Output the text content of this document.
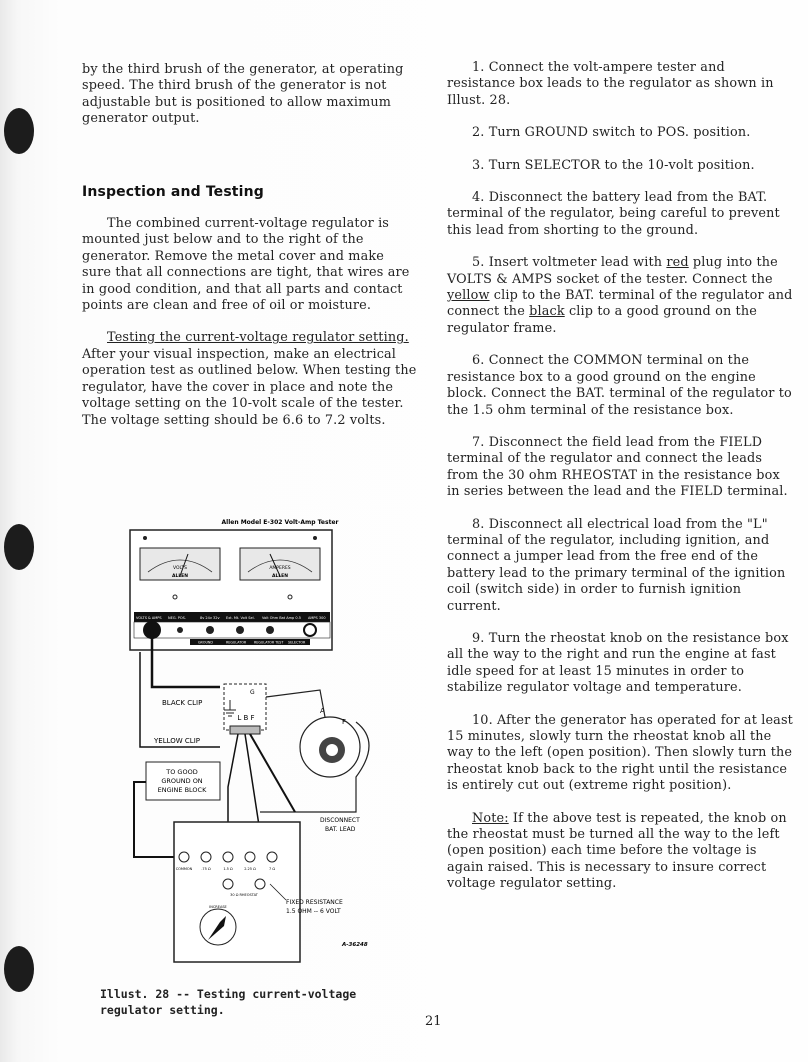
by the third brush of the generator, at operating speed. The third brush of the generator is not adjustable but is positioned to allow maximum generator output.

Inspection and Testing

The combined current-voltage regulator is mounted just below and to the right of the generator. Remove the metal cover and make sure that all connections are tight, that wires are in good condition, and that all parts and contact points are clean and free of oil or moisture.

Testing the current-voltage regulator setting. After your visual inspection, make an electrical operation test as outlined below. When testing the regulator, have the cover in place and note the voltage setting on the 10-volt scale of the tester. The voltage setting should be 6.6 to 7.2 volts.

Allen Model E-302 Volt-Amp Tester
VOLTS
ALLEN
AMPERES
ALLEN
VOLTS & AMPS NEG. POS.	8v 24v 32v Ext. Mt. Volt Sel. Volt Ohm Bat Amp 0.5 AMPS 300
GROUND	REGULATOR REGULATOR TEST SELECTOR
BLACK CLIP
YELLOW CLIP
L B F
G
A
F
TO GOOD
GROUND ON
ENGINE BLOCK
DISCONNECT
BAT. LEAD
COMMON	.75 Ω	1.5 Ω	2.25 Ω	7 Ω
30 Ω RHEOSTAT
INCREASE
FIXED RESISTANCE
1.5 OHM -- 6 VOLT
A-36248
Illust. 28 -- Testing current-voltage regulator setting.

1. Connect the volt-ampere tester and resistance box leads to the regulator as shown in Illust. 28.

2. Turn GROUND switch to POS. position.

3. Turn SELECTOR to the 10-volt position.

4. Disconnect the battery lead from the BAT. terminal of the regulator, being careful to prevent this lead from shorting to the ground.

5. Insert voltmeter lead with red plug into the VOLTS & AMPS socket of the tester. Connect the yellow clip to the BAT. terminal of the regulator and connect the black clip to a good ground on the regulator frame.

6. Connect the COMMON terminal on the resistance box to a good ground on the engine block. Connect the BAT. terminal of the regulator to the 1.5 ohm terminal of the resistance box.

7. Disconnect the field lead from the FIELD terminal of the regulator and connect the leads from the 30 ohm RHEOSTAT in the resistance box in series between the lead and the FIELD terminal.

8. Disconnect all electrical load from the "L" terminal of the regulator, including ignition, and connect a jumper lead from the free end of the battery lead to the primary terminal of the ignition coil (switch side) in order to furnish ignition current.

9. Turn the rheostat knob on the resistance box all the way to the right and run the engine at fast idle speed for at least 15 minutes in order to stabilize regulator voltage and temperature.

10. After the generator has operated for at least 15 minutes, slowly turn the rheostat knob all the way to the left (open position). Then slowly turn the rheostat knob back to the right until the resistance is entirely cut out (extreme right position).

Note: If the above test is repeated, the knob on the rheostat must be turned all the way to the left (open position) each time before the voltage is again raised. This is necessary to insure correct voltage regulator setting.

21
